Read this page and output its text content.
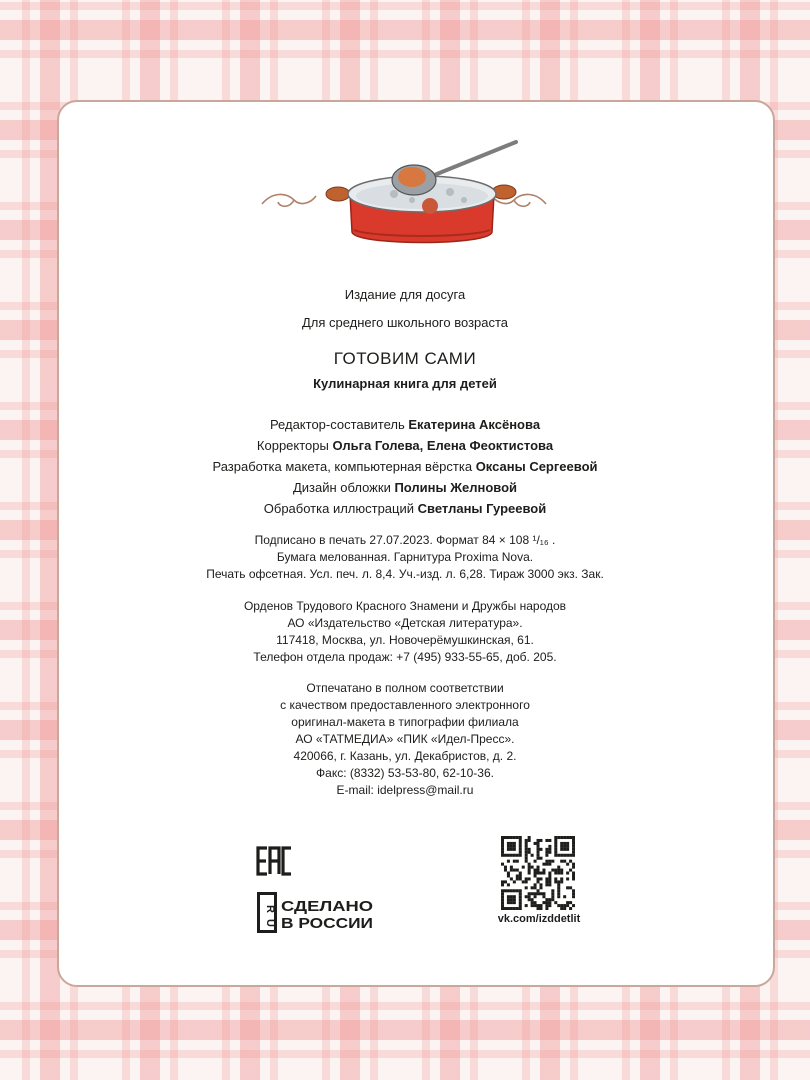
Издание для досуга
Для среднего школьного возраста
ГОТОВИМ САМИ
Кулинарная книга для детей
Редактор-составитель Екатерина Аксёнова
Корректоры Ольга Голева, Елена Феоктистова
Разработка макета, компьютерная вёрстка Оксаны Сергеевой
Дизайн обложки Полины Желновой
Обработка иллюстраций Светланы Гуреевой
Подписано в печать 27.07.2023. Формат 84 × 108 ¹/₁₆ .
Бумага мелованная. Гарнитура Proxima Nova.
Печать офсетная. Усл. печ. л. 8,4. Уч.-изд. л. 6,28. Тираж 3000 экз. Зак.
Орденов Трудового Красного Знамени и Дружбы народов
АО «Издательство «Детская литература».
117418, Москва, ул. Новочерёмушкинская, 61.
Телефон отдела продаж: +7 (495) 933-55-65, доб. 205.
Отпечатано в полном соответствии
с качеством предоставленного электронного
оригинал-макета в типографии филиала
АО «ТАТМЕДИА» «ПИК «Идел-Пресс».
420066, г. Казань, ул. Декабристов, д. 2.
Факс: (8332) 53-53-80, 62-10-36.
E-mail: idelpress@mail.ru
R
U
СДЕЛАНО
В РОССИИ	vk.com/izddetlit
